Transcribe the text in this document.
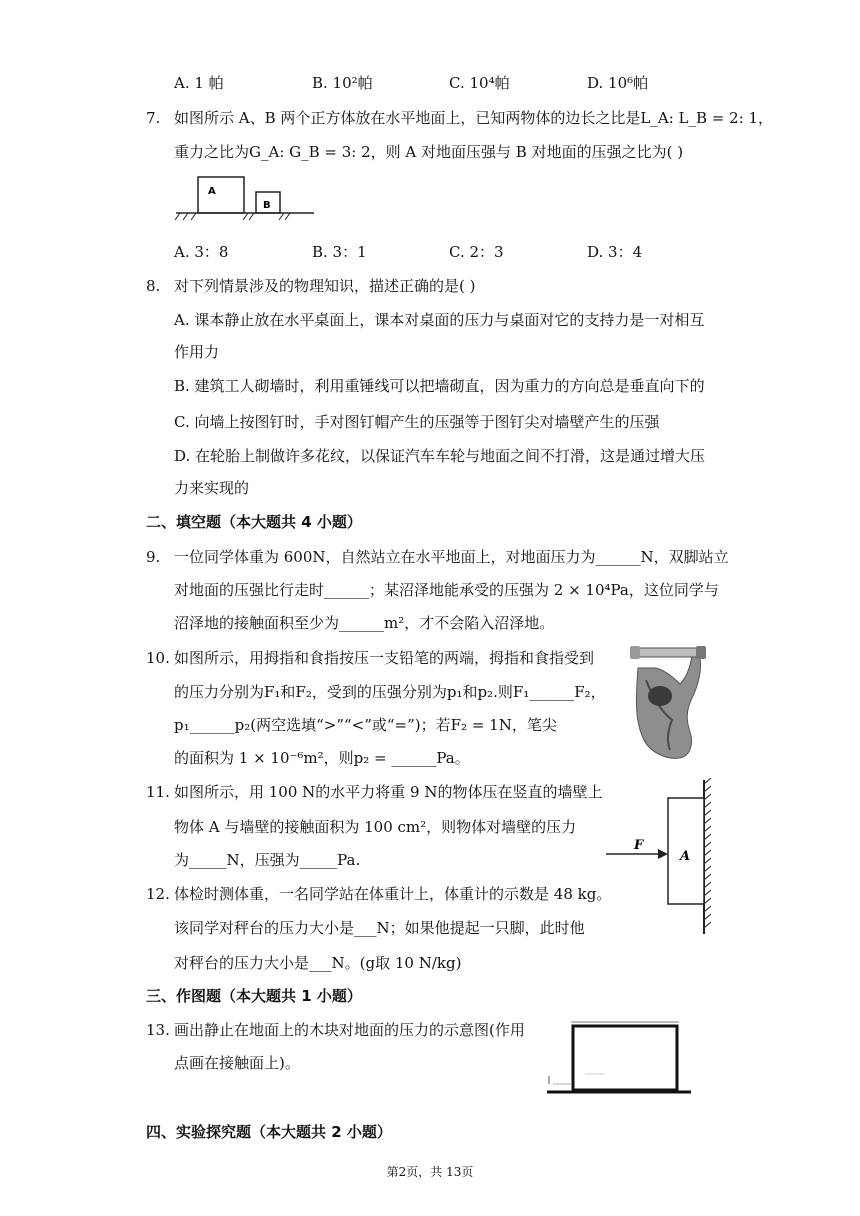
A. 1 帕	B. 10²帕	C. 10⁴帕	D. 10⁶帕
7. 如图所示 A、B 两个正方体放在水平地面上，已知两物体的边长之比是L_A: L_B = 2: 1，
重力之比为G_A: G_B = 3: 2，则 A 对地面压强与 B 对地面的压强之比为( )
A
B
A. 3：8	B. 3：1	C. 2：3	D. 3：4
8. 对下列情景涉及的物理知识，描述正确的是( )
A. 课本静止放在水平桌面上，课本对桌面的压力与桌面对它的支持力是一对相互
作用力
B. 建筑工人砌墙时，利用重锤线可以把墙砌直，因为重力的方向总是垂直向下的
C. 向墙上按图钉时，手对图钉帽产生的压强等于图钉尖对墙壁产生的压强
D. 在轮胎上制做许多花纹，以保证汽车车轮与地面之间不打滑，这是通过增大压
力来实现的
二、填空题（本大题共 4 小题）
9. 一位同学体重为 600N，自然站立在水平地面上，对地面压力为______N，双脚站立
对地面的压强比行走时______；某沼泽地能承受的压强为 2 × 10⁴Pa，这位同学与
沼泽地的接触面积至少为______m²，才不会陷入沼泽地。
10. 如图所示，用拇指和食指按压一支铅笔的两端，拇指和食指受到
的压力分别为F₁和F₂，受到的压强分别为p₁和p₂.则F₁______F₂，
p₁______p₂(两空选填“>”“<”或“=”)；若F₂ = 1N，笔尖
的面积为 1 × 10⁻⁶m²，则p₂ = ______Pa。
11. 如图所示，用 100 N的水平力将重 9 N的物体压在竖直的墙壁上
物体 A 与墙壁的接触面积为 100 cm²，则物体对墙壁的压力
为_____N，压强为_____Pa.
F
A
12. 体检时测体重，一名同学站在体重计上，体重计的示数是 48 kg。
该同学对秤台的压力大小是___N；如果他提起一只脚，此时他
对秤台的压力大小是___N。(g取 10 N/kg)
三、作图题（本大题共 1 小题）
13. 画出静止在地面上的木块对地面的压力的示意图(作用
点画在接触面上)。
四、实验探究题（本大题共 2 小题）
第2页，共 13页
